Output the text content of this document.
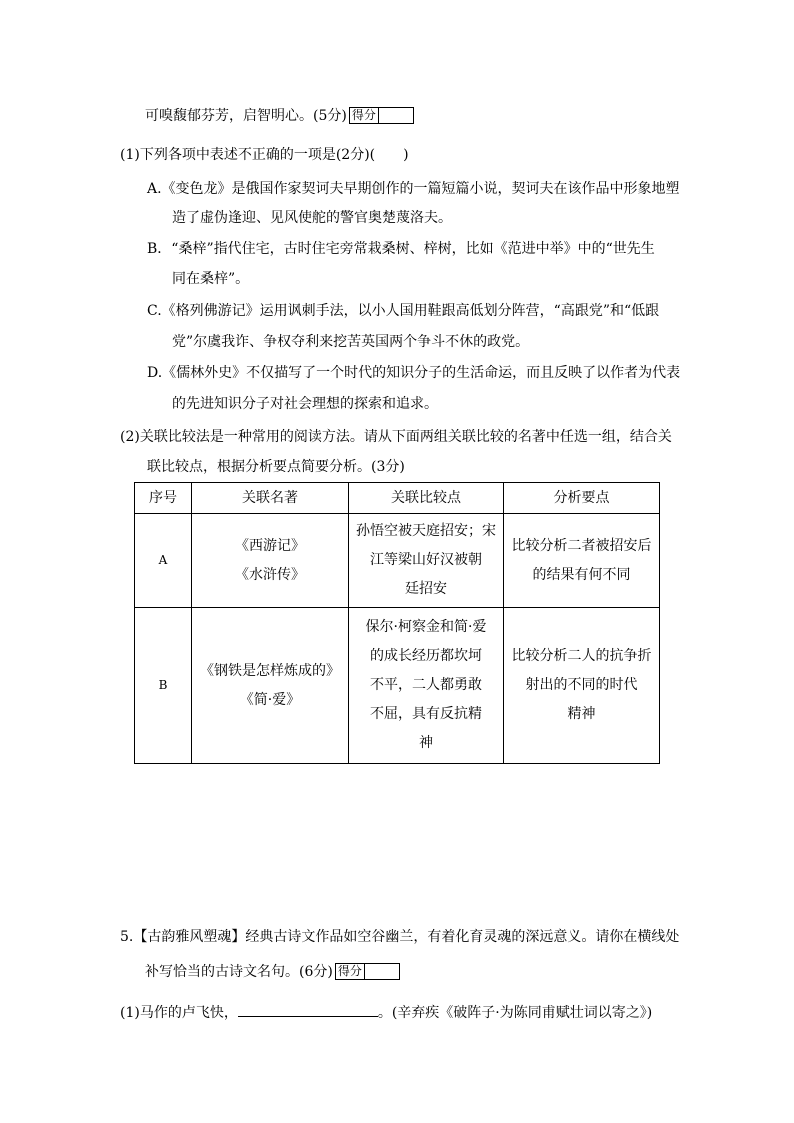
可嗅馥郁芬芳，启智明心。(5分) 得分
(1)下列各项中表述不正确的一项是(2分)(　　)
A.《变色龙》是俄国作家契诃夫早期创作的一篇短篇小说，契诃夫在该作品中形象地塑
造了虚伪逢迎、见风使舵的警官奥楚蔑洛夫。
B．“桑梓”指代住宅，古时住宅旁常栽桑树、梓树，比如《范进中举》中的“世先生
同在桑梓”。
C.《格列佛游记》运用讽刺手法，以小人国用鞋跟高低划分阵营，“高跟党”和“低跟
党”尔虞我诈、争权夺利来挖苦英国两个争斗不休的政党。
D.《儒林外史》不仅描写了一个时代的知识分子的生活命运，而且反映了以作者为代表
的先进知识分子对社会理想的探索和追求。
(2)关联比较法是一种常用的阅读方法。请从下面两组关联比较的名著中任选一组，结合关
联比较点，根据分析要点简要分析。(3分)
序号	关联名著	关联比较点	分析要点
A	《西游记》
《水浒传》	孙悟空被天庭招安；宋
江等梁山好汉被朝
廷招安	比较分析二者被招安后
的结果有何不同

B	《钢铁是怎样炼成的》
《简·爱》	保尔·柯察金和简·爱
的成长经历都坎坷
不平，二人都勇敢
不屈，具有反抗精
神	比较分析二人的抗争折
射出的不同的时代
精神
5.【古韵雅风塑魂】经典古诗文作品如空谷幽兰，有着化育灵魂的深远意义。请你在横线处
补写恰当的古诗文名句。(6分) 得分
(1)马作的卢飞快，	。(辛弃疾《破阵子·为陈同甫赋壮词以寄之》)
